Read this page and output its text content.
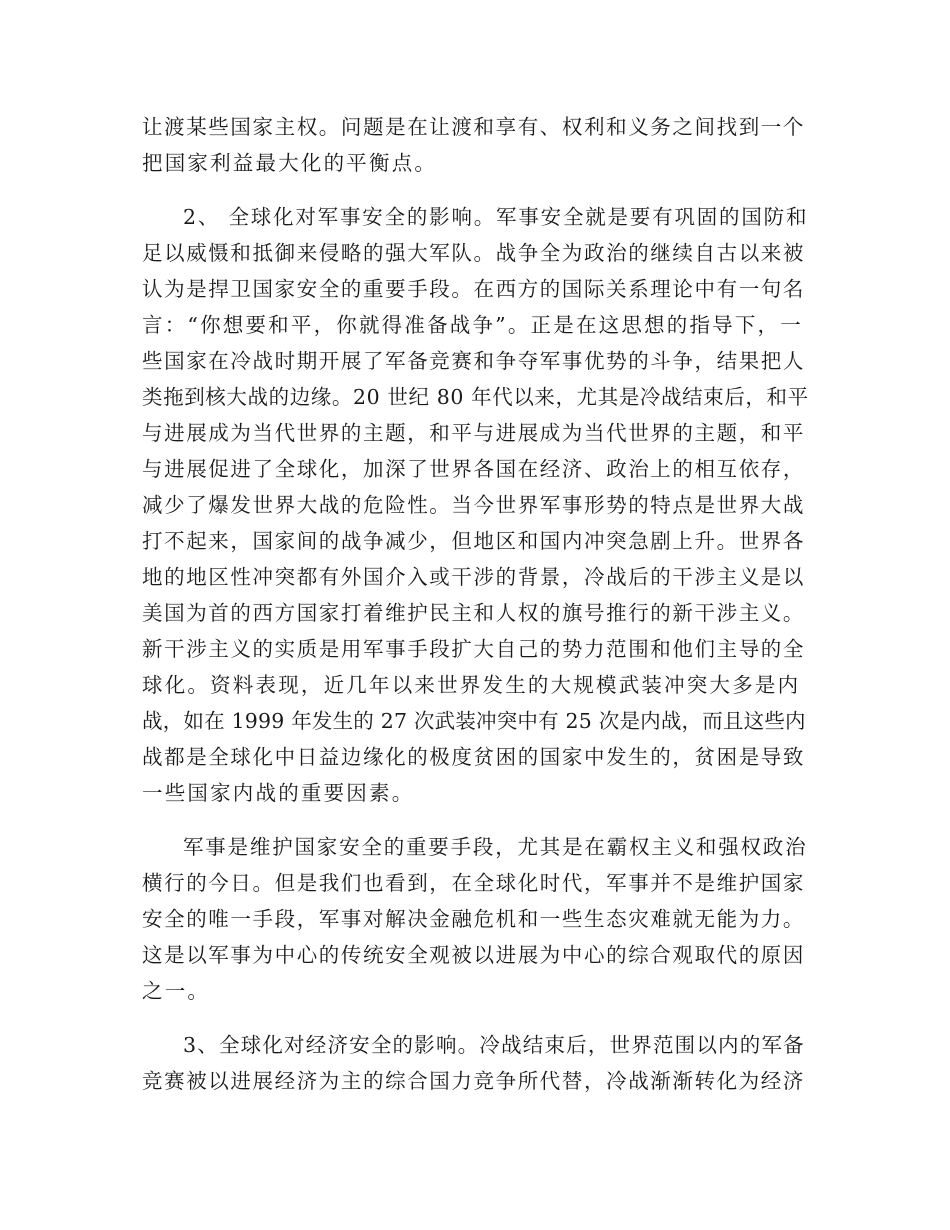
让渡某些国家主权。问题是在让渡和享有、权利和义务之间找到一个
把国家利益最大化的平衡点。
2、 全球化对军事安全的影响。军事安全就是要有巩固的国防和
足以威慑和抵御来侵略的强大军队。战争全为政治的继续自古以来被
认为是捍卫国家安全的重要手段。在西方的国际关系理论中有一句名
言：“你想要和平，你就得准备战争”。正是在这思想的指导下，一
些国家在冷战时期开展了军备竞赛和争夺军事优势的斗争，结果把人
类拖到核大战的边缘。20 世纪 80 年代以来，尤其是冷战结束后，和平
与进展成为当代世界的主题，和平与进展成为当代世界的主题，和平
与进展促进了全球化，加深了世界各国在经济、政治上的相互依存，
减少了爆发世界大战的危险性。当今世界军事形势的特点是世界大战
打不起来，国家间的战争减少，但地区和国内冲突急剧上升。世界各
地的地区性冲突都有外国介入或干涉的背景，冷战后的干涉主义是以
美国为首的西方国家打着维护民主和人权的旗号推行的新干涉主义。
新干涉主义的实质是用军事手段扩大自己的势力范围和他们主导的全
球化。资料表现，近几年以来世界发生的大规模武装冲突大多是内
战，如在 1999 年发生的 27 次武装冲突中有 25 次是内战，而且这些内
战都是全球化中日益边缘化的极度贫困的国家中发生的，贫困是导致
一些国家内战的重要因素。
军事是维护国家安全的重要手段，尤其是在霸权主义和强权政治
横行的今日。但是我们也看到，在全球化时代，军事并不是维护国家
安全的唯一手段，军事对解决金融危机和一些生态灾难就无能为力。
这是以军事为中心的传统安全观被以进展为中心的综合观取代的原因
之一。
3、全球化对经济安全的影响。冷战结束后，世界范围以内的军备
竞赛被以进展经济为主的综合国力竞争所代替，冷战渐渐转化为经济
